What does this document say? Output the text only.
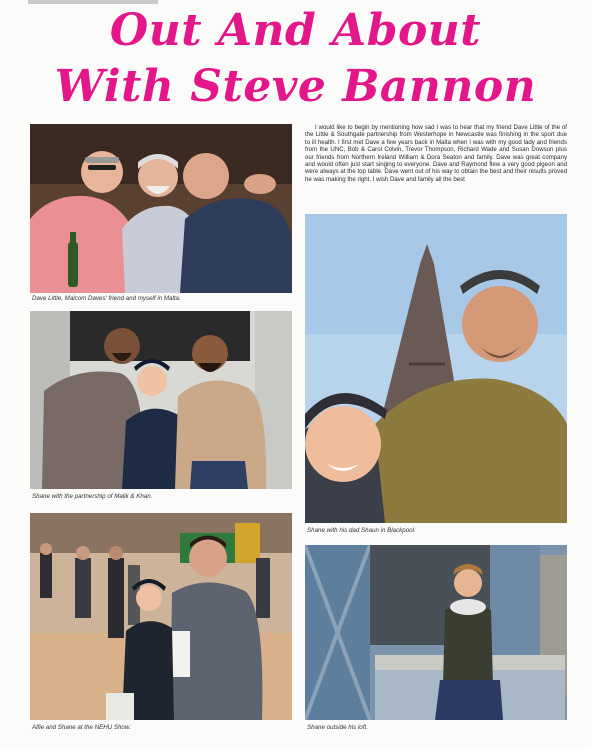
Out And About
With Steve Bannon
Dave Little, Malcom Daves' friend and myself in Malta.
Shane with the partnership of Malik & Khan.
Alfie and Shane at the NEHU Show.

I would like to begin by mentioning how sad I was to hear that my friend Dave Little of the of the Little & Southgate partnership from Westerhope in Newcastle was finishing in the sport due to ill health. I first met Dave a few years back in Malta when I was with my good lady and friends from the UNC, Bob & Carol Colvin, Trevor Thompson, Richard Wade and Susan Dowson plus our friends from Northern Ireland William & Dora Seaton and family. Dave was great company and would often just start singing to everyone. Dave and Raymond flew a very good pigeon and were always at the top table. Dave went out of his way to obtain the best and their results proved he was making the right. I wish Dave and family all the best

Shane with his dad Shaun in Blackpool.
Shane outside his loft.
